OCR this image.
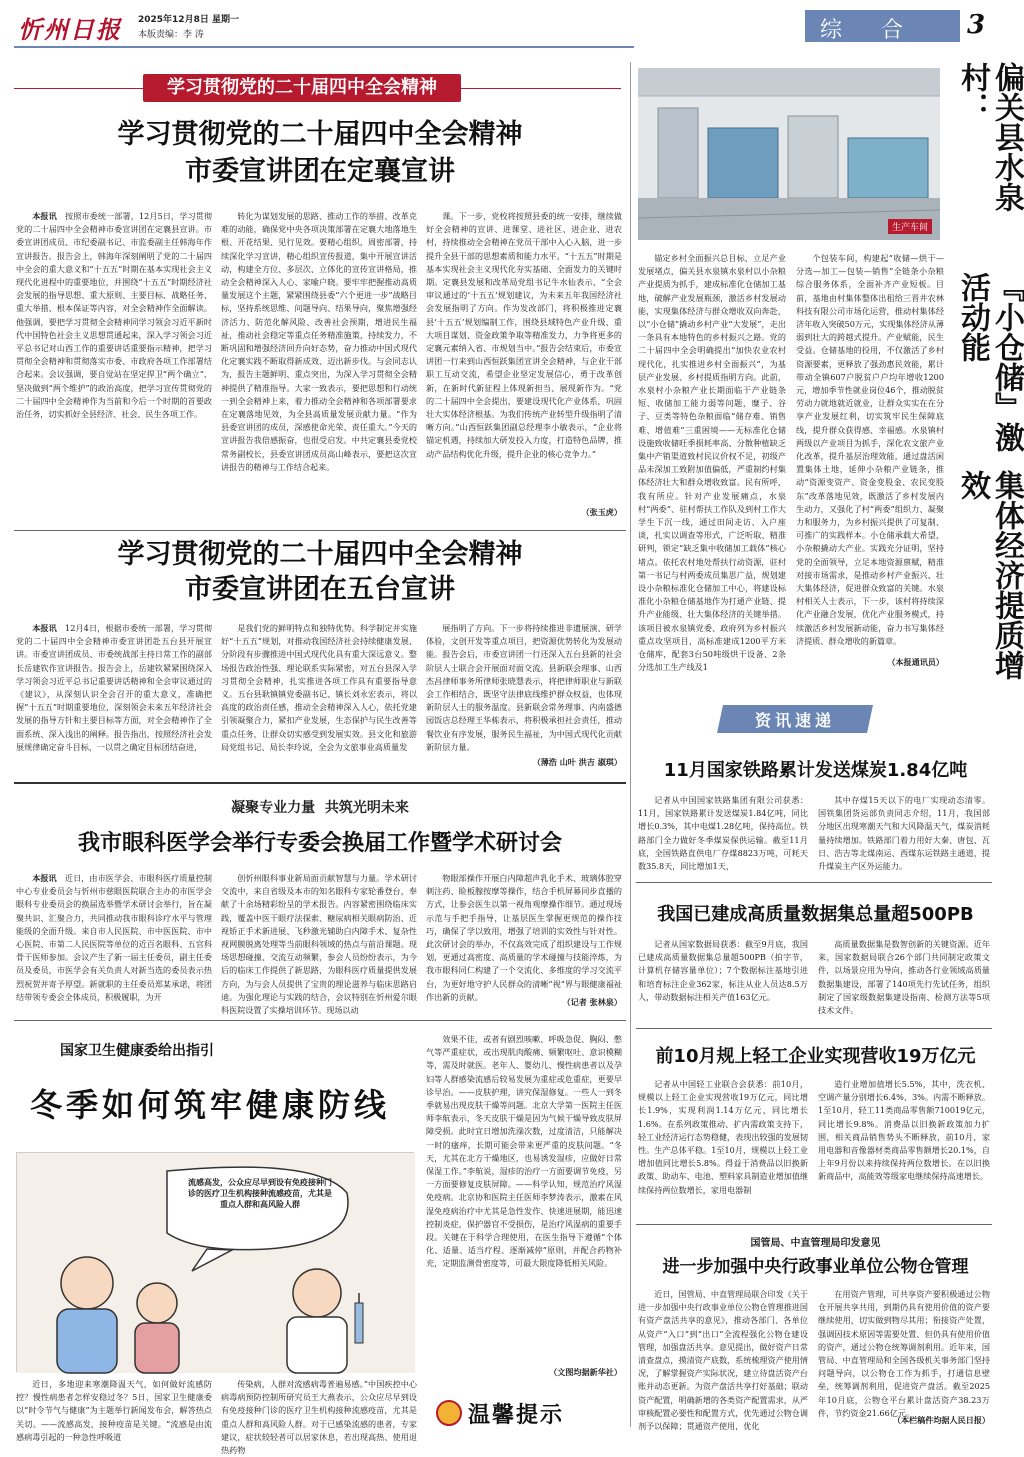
忻州日报 2025年12月8日 星期一
本版责编：李 涛	综 合 3
学习贯彻党的二十届四中全会精神
学习贯彻党的二十届四中全会精神
市委宣讲团在定襄宣讲

本报讯　 按照市委统一部署，12月5日，学习贯彻党的二十届四中全会精神市委宣讲团在定襄县宣讲。市委宣讲团成员、市纪委副书记、市监委副主任韩海年作宣讲报告。报告会上，韩海年深刻阐明了党的二十届四中全会的重大意义和“十五五”时期在基本实现社会主义现代化进程中的重要地位，并围绕“十五五”时期经济社会发展的指导思想、重大原则、主要目标、战略任务、重大举措、根本保证等内容，对全会精神作全面解读。他强调，要把学习贯彻全会精神同学习领会习近平新时代中国特色社会主义思想贯通起来，深入学习领会习近平总书记对山西工作的重要讲话重要指示精神，把学习贯彻全会精神和贯彻落实市委、市政府各项工作部署结合起来。会议强调，要自觉站在坚定捍卫“两个确立”、坚决做到“两个维护”的政治高度，把学习宣传贯彻党的二十届四中全会精神作为当前和今后一个时期的首要政治任务，切实抓好全县经济、社会、民生各项工作。

转化为谋划发展的思路、推动工作的举措、改革克难的动能，确保党中央各项决策部署在定襄大地落地生根、开花结果、见行见效。要精心组织，周密部署，持续深化学习宣讲，精心组织宣传报道，集中开展宣讲活动，构建全方位、多层次、立体化的宣传宣讲格局，推动全会精神深入人心、家喻户晓。要牢牢把握推动高质量发展这个主题，紧紧围绕县委“六个更进一步”战略目标，坚持系统思维、问题导向、结果导向，聚焦增强经济活力、防范化解风险、改善社会预期，增进民生福祉，推动社会稳定等重点任务精准施策，持续发力，不断巩固和增强经济回升向好态势，奋力推动中国式现代化定襄实践不断取得新成效、迈出新步伐。与会同志认为，报告主题鲜明、重点突出，为深入学习贯彻全会精神提供了精准指导。大家一致表示，要把思想和行动统一到全会精神上来，着力推动全会精神和各项部署要求在定襄落地见效，为全县高质量发展贡献力量。“作为县委宣讲团的成员，深感使命光荣、责任重大。”今天的宣讲报告我倍感振奋，也很受启发。中共定襄县委党校常务副校长，县委宣讲团成员高山峰表示，要把这次宣讲报告的精神与工作结合起来。

课。下一步，党校将按照县委的统一安排，继续做好全会精神的宣讲、进课堂、进社区、进企业、进农村，持续推动全会精神在党员干部中入心入脑，进一步提升全县干部的思想素质和能力水平。“十五五”时期是基本实现社会主义现代化夯实基础、全面发力的关键时期。定襄县发展和改革局党组书记牛水仙表示，“全会审议通过的‘十五五’规划建议，为未来五年我国经济社会发展指明了方向。作为发改部门，将积极推进定襄县‘十五五’规划编制工作，围绕县域特色产业升级、重大项目谋划、资金政策争取等精准发力，力争将更多的定襄元素纳入省、市规划当中。”报告会结束后，市委宣讲团一行来到山西恒跃集团宣讲全会精神，与企业干部职工互动交流，希望企业坚定发展信心，勇于改革创新，在新时代新征程上体现新担当、展现新作为。“党的二十届四中全会提出，要建设现代化产业体系，巩固壮大实体经济根基。为我们传统产业转型升级指明了清晰方向。”山西恒跃集团副总经理李小敏表示，“企业将锚定机遇，持续加大研发投入力度，打造特色品牌，推动产品结构优化升级，提升企业的核心竞争力。”

（张玉虎）
学习贯彻党的二十届四中全会精神
市委宣讲团在五台宣讲

本报讯　 12月4日，根据市委统一部署，学习贯彻党的二十届四中全会精神市委宣讲团赴五台县开展宣讲。市委宣讲团成员、市委统战部主持日常工作的副部长岳建钦作宣讲报告。报告会上，岳建钦紧紧围绕深入学习领会习近平总书记重要讲话精神和全会审议通过的《建议》，从深刻认识全会召开的重大意义，准确把握“十五五”时期重要地位，深刻领会未来五年经济社会发展的指导方针和主要目标等方面，对全会精神作了全面系统、深入浅出的阐释。报告指出，按照经济社会发展规律确定奋斗目标，一以贯之确定目标团结奋进，

是我们党的鲜明特点和独特优势。科学制定并实施好“十五五”规划，对推动我国经济社会持续健康发展、分阶段有步骤推进中国式现代化具有重大深远意义。整场报告政治性强、理论联系实际紧密，对五台县深入学习贯彻全会精神，扎实推进各项工作具有重要指导意义。五台县耿镇镇党委副书记、镇长刘永宏表示，将以高度的政治责任感，推动全会精神深入人心，依托党建引领凝聚合力，紧扣产业发展，生态保护与民生改善等重点任务，让群众切实感受到发展实效。县文化和旅游局党组书记、局长李玲说，全会为文旅事业高质量发

展指明了方向。下一步将持续推进非遗展演、研学体验，文创开发等重点项目，把资源优势转化为发展动能。报告会后，市委宣讲团一行还深入五台县新的社会阶层人士联合会开展面对面交流。县新联会理事、山西杰昌律师事务所律师张晓慧表示，将把律师职业与新联会工作相结合，既坚守法律底线维护群众权益，也体现新阶层人士的服务温度。县新联会常务理事、内南盛德园饭店总经理王华栋表示，将积极承担社会责任，推动餐饮业有序发展，服务民生福祉，为中国式现代化贡献新阶层力量。

（薄浩 山叶 洪吉 淑琪）
凝聚专业力量  共筑光明未来
我市眼科医学会举行专委会换届工作暨学术研讨会

本报讯　 近日，由市医学会、市眼科医疗质量控制中心专业委员会与忻州市慈眼医院联合主办的市医学会眼科专业委员会的换届选举暨学术研讨会举行，旨在凝聚共识、汇聚合力，共同推动我市眼科诊疗水平与管理能级的全面升级。来自市人民医院、市中医医院、市中心医院、市第二人民医院等单位的近百名眼科、五官科骨干医师参加。会议产生了新一届主任委员，副主任委员及委员，市医学会有关负责人对新当选的委员表示热烈祝贺并寄予厚望。新就职的主任委员郑某承诺，将团结带领专委会全体成员，积极履职，为开

创忻州眼科事业新局面贡献智慧与力量。学术研讨交流中，来自省级及本市的知名眼科专家轮番登台，奉献了十余场精彩纷呈的学术报告。内容紧密围绕临床实践，覆盖中医干眼疗法探索、糖尿病相关眼病防治、近视矫正手术新进展、飞秒激光辅助白内障手术、复杂性视网膜脱离处理等当前眼科领域的热点与前沿课题。现场思想碰撞、交流互动频繁，参会人员纷纷表示，为今后的临床工作提供了新思路，为眼科医疗质量提供发展方向，为与会人员提供了宝贵的理论滋养与临床思路启迪。为强化理论与实践的结合，会议特别在忻州爱尔眼科医院设置了实操培训环节。现场以动

物眼部操作开展白内障超声乳化手术、玻璃体腔穿刺注药、睑板腺按摩等操作，结合手机屏幕同步直播的方式，让参会医生以第一视角观摩操作细节。通过现场示范与手把手指导，让基层医生掌握更规范的操作技巧，确保了学以致用，增强了培训的实效性与针对性。此次研讨会的举办，不仅高效完成了组织建设与工作规划，更通过高密度、高质量的学术碰撞与技能淬炼，为我市眼科同仁构建了一个交流化、多维度的学习交流平台，为更好地守护人民群众的清晰“视”界与眼健康福祉作出新的贡献。

（记者 张林泉）
国家卫生健康委给出指引
冬季如何筑牢健康防线
流感高发，公众应尽早到设有免疫接种门诊的医疗卫生机构接种流感疫苗，尤其是重点人群和高风险人群

近日，多地迎来寒潮降温天气，如何做好流感防控？慢性病患者怎样安稳过冬？5日，国家卫生健康委以“时令节气与健康”为主题举行新闻发布会，解答热点关切。——流感高发，接种疫苗是关键。“流感是由流感病毒引起的一种急性呼吸道

传染病，人群对流感病毒普遍易感。”中国疾控中心病毒病预防控制所研究员王大燕表示，公众应尽早到设有免疫接种门诊的医疗卫生机构接种流感疫苗，尤其是重点人群和高风险人群。对于已感染流感的患者，专家建议，症状较轻者可以居家休息，若出现高热、使用退热药物

效果不佳，或者有剧烈咳嗽、呼吸急促、胸闷、憋气等严重症状，或出现肌肉酸痛、频繁呕吐、意识模糊等，需及时就医。老年人、婴幼儿、慢性病患者以及孕妇等人群感染流感后较易发展为重症或危重症，更要早诊早治。——皮肤护理，讲究保湿修复。一些人一到冬季就易出现皮肤干燥等问题。北京大学第一医院主任医师李航表示，冬天皮肤干燥是因为气候干燥导致皮肤屏障受损。此时宜日增加洗澡次数，过度清洁，只能解决一时的瘙痒，长期可能会带来更严重的皮肤问题。“冬天，尤其在北方干燥地区，也易诱发湿疹，应做好日常保湿工作。”李航说，湿疹的治疗一方面要调节免疫，另一方面要修复皮肤屏障。——科学认知，规范治疗风湿免疫病。北京协和医院主任医师李梦涛表示，激素在风湿免疫病治疗中尤其是急性发作、快速进展期，能迅速控制炎症，保护器官不受损伤，是治疗风湿病的重要手段。关键在于科学合理使用，在医生指导下遵循“个体化、适量、适当疗程、逐渐减停”原则，并配合药物补充，定期监测骨密度等，可最大限度降低相关风险。

（文图均据新华社）
温馨提示
生产车间
偏关县水泉村：
『小仓储』激活动能
集体经济提质增效

锚定乡村全面振兴总目标，立足产业发展堵点，偏关县水泉镇水泉村以小杂粮产业提质为抓手，建成标准化仓储加工基地，破解产业发展瓶颈，激活乡村发展动能，实现集体经济与群众增收双向奔赴，以“小仓储”撬动乡村产业“大发展”，走出一条具有本地特色的乡村振兴之路。党的二十届四中全会明确提出“加快农业农村现代化，扎实推进乡村全面振兴”，为基层产业发展、乡村提质指明方向。此前，水泉村小杂粮产业长期面临干产业链条短、收储加工能力弱等问题，糜子、谷子、豆类等特色杂粮面临“储存难、销售难、增值难”三重困境——无标准化仓储设施致收储旺季损耗率高、分散种植缺乏集中产销渠道致村民议价权不足，初级产品未深加工致附加值偏低，严重制约村集体经济壮大和群众增收致富。民有所呼，我有所应。针对产业发展痛点，水泉村“两委”、驻村帮扶工作队及到村工作大学生下沉一线，通过田间走访、入户座谈，扎实以调查等形式，广泛听取、精准研判，锁定“缺乏集中收储加工载体”核心堵点。依托农村地处帮扶行动资源，驻村第一书记与村两委成员集思广益，规划建设小杂粮标准化仓储加工中心，将建设标准化小杂粮仓储基地作为打通产业链、提升产业能级、壮大集体经济的关键举措。该项目被水泉镇党委、政府列为乡村振兴重点攻坚项目，高标准建成1200平方米仓储库，配套3台50吨级烘干设备、2条分选加工生产线及1

个包装车间，构建起“收储—烘干—分选—加工—包装—销售”全链条小杂粮综合服务体系，全面补齐产业短板。目前，基地由村集体整体出租给三晋井农林科技有限公司市场化运营，推动村集体经济年收入突破50万元，实现集体经济从薄弱到壮大的跨越式提升。产业赋能，民生受益。仓储基地的投用，不仅激活了乡村资源要素，更释放了强劲惠民效能，累计带动全镇607户脱贫户户均年增收1200元，增加季节性就业岗位46个，推动脱贫劳动力就地就近就业，让群众实实在在分享产业发展红利，切实筑牢民生保障底线，提升群众获得感、幸福感。水泉镇村两级以产业项目为抓手，深化农文旅产业化改革，提升基层治理效能，通过盘活闲置集体土地，延伸小杂粮产业链条，推动“资源变资产、资金变股金、农民变股东”改革落地见效，既激活了乡村发展内生动力，又强化了村“两委”组织力、凝聚力和服务力，为乡村振兴提供了可复制、可推广的实践样本。小仓储承载大希望，小杂粮撬动大产业。实践充分证明，坚持党的全面领导，立足本地资源禀赋，精准对接市场需求，是推动乡村产业振兴、壮大集体经济，促进群众致富的关键。水泉村相关人士表示，下一步，该村将持续深化产业融合发展，优化产业服务模式，持续激活乡村发展新动能，奋力书写集体经济提质、群众增收的新篇章。

（本报通讯员）
资讯速递
11月国家铁路累计发送煤炭1.84亿吨

记者从中国国家铁路集团有限公司获悉：11月，国家铁路累计发送煤炭1.84亿吨，同比增长0.3%，其中电煤1.28亿吨，保持高位。铁路部门全力做好冬季煤炭保供运输。截至11月底，全国铁路直供电厂存煤8823万吨，可耗天数35.8天，同比增加1天，

其中存煤15天以下的电厂实现动态清零。国铁集团货运部负责同志介绍，11月，我国部分地区出现寒潮天气和大风降温天气，煤炭消耗量持续增加。铁路部门着力用好大秦、唐包、瓦日、浩吉等北煤南运、西煤东运铁路主通道，提升煤炭主产区外运能力。

我国已建成高质量数据集总量超500PB

记者从国家数据局获悉：截至9月底，我国已建成高质量数据集总量超500PB（拍字节，计算机存储容量单位）；7个数据标注基地引进和培育标注企业362家，标注从业人员达8.5万人，带动数据标注相关产值163亿元。

高质量数据集是数智创新的关键资源。近年来，国家数据局联合26个部门共同制定政策文件，以场景应用为导向，推动各行业领域高质量数据集建设，部署了140项先行先试任务，组织制定了国家级数据集建设指南、检测方法等5项技术文件。

前10月规上轻工企业实现营收19万亿元

记者从中国轻工业联合会获悉：前10月，规模以上轻工企业实现营收19万亿元，同比增长1.9%，实现利润1.14万亿元，同比增长1.6%。在系列政策推动、扩内需政策支持下，轻工业经济运行态势稳健，表现出较强的发展韧性。生产总体平稳。1至10月，规模以上轻工业增加值同比增长5.8%。得益于消费品以旧换新政策、助动车、电池、塑料家具制造业增加值继续保持两位数增长，家用电器制

造行业增加值增长5.5%，其中，洗衣机、空调产量分别增长6.4%、3%。内需不断释放。1至10月，轻工11类商品零售额710019亿元，同比增长9.8%。消费品以旧换新政策加力扩围，相关商品销售势头不断释放，前10月，家用电器和音像器材类商品零售额增长20.1%，自上年9月份以来持续保持两位数增长。在以旧换新商品中，高能效等级家电继续保持高速增长。

国管局、中直管理局印发意见
进一步加强中央行政事业单位公物仓管理

近日，国管局、中直管理局联合印发《关于进一步加强中央行政事业单位公物仓管理推进国有资产盘活共享的意见》，推动各部门、各单位从资产“入口”到“出口”全流程强化公物仓建设管理，加强盘活共享。意见提出，做好资产日常清查盘点，摸清资产底数，系统梳理资产使用情况，了解掌握资产实际状况，建立待盘活资产台账并动态更新。为资产盘活共享打好基础；联动资产配置，明确新增的各类资产配置需求，从严审核配置必要性和配置方式，优先通过公物仓调剂予以保障；贯通资产使用，优化

在用资产管理，可共享资产要积极通过公物仓开展共享共用，到期仍具有使用价值的资产要继续使用，切实做到物尽其用；衔接资产处置，强调因技术原因等需要处置、但仍具有使用价值的资产，通过公物仓统筹调剂利用。近年来，国管局、中直管理局和全国各级机关事务部门坚持问题导向，以公物仓工作为抓手，打通信息壁垒，统筹调剂利用，促进资产盘活。截至2025年10月底，公物仓平台累计盘活资产38.23万件，节约资金21.66亿元。

（本栏稿件均据人民日报）
